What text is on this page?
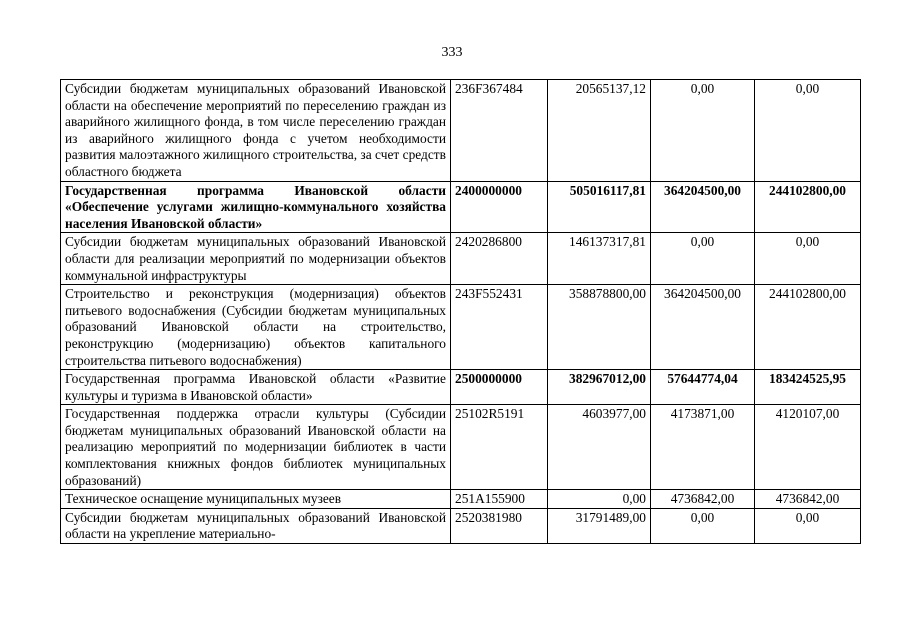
333
Субсидии бюджетам муниципальных образований Ивановской области на обеспечение мероприятий по переселению граждан из аварийного жилищного фонда, в том числе переселению граждан из аварийного жилищного фонда с учетом необходимости развития малоэтажного жилищного строительства, за счет средств областного бюджета	236F367484	20565137,12	0,00	0,00
Государственная программа Ивановской области «Обеспечение услугами жилищно-коммунального хозяйства населения Ивановской области»	2400000000	505016117,81	364204500,00	244102800,00
Субсидии бюджетам муниципальных образований Ивановской области для реализации мероприятий по модернизации объектов коммунальной инфраструктуры	2420286800	146137317,81	0,00	0,00
Строительство и реконструкция (модернизация) объектов питьевого водоснабжения (Субсидии бюджетам муниципальных образований Ивановской области на строительство, реконструкцию (модернизацию) объектов капитального строительства питьевого водоснабжения)	243F552431	358878800,00	364204500,00	244102800,00
Государственная программа Ивановской области «Развитие культуры и туризма в Ивановской области»	2500000000	382967012,00	57644774,04	183424525,95
Государственная поддержка отрасли культуры (Субсидии бюджетам муниципальных образований Ивановской области на реализацию мероприятий по модернизации библиотек в части комплектования книжных фондов библиотек муниципальных образований)	25102R5191	4603977,00	4173871,00	4120107,00
Техническое оснащение муниципальных музеев	251A155900	0,00	4736842,00	4736842,00
Субсидии бюджетам муниципальных образований Ивановской области на укрепление материально-	2520381980	31791489,00	0,00	0,00
